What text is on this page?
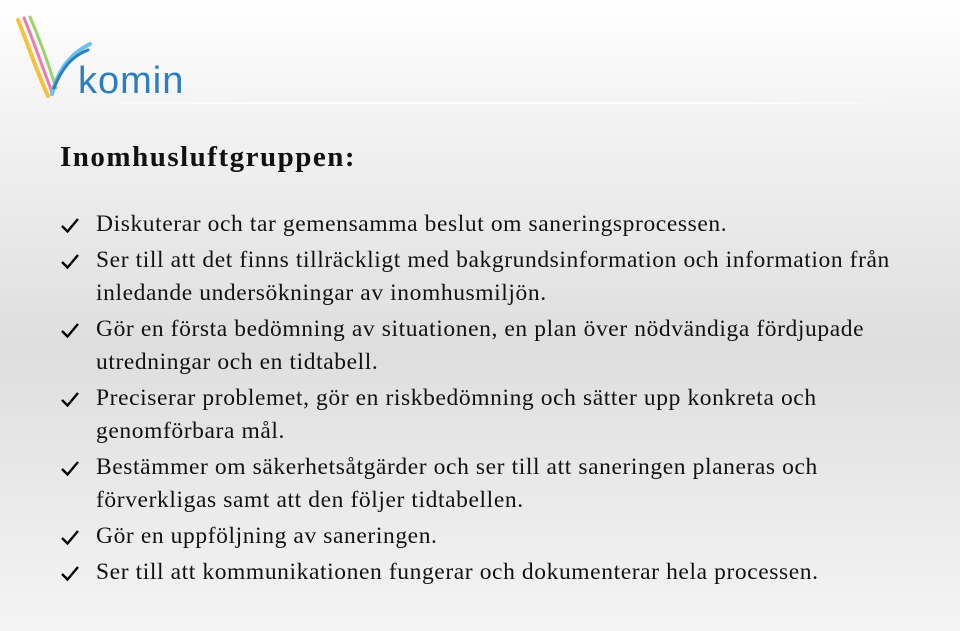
komin
Inomhusluftgruppen:
Diskuterar och tar gemensamma beslut om saneringsprocessen.
Ser till att det finns tillräckligt med bakgrundsinformation och information från inledande undersökningar av inomhusmiljön.
Gör en första bedömning av situationen, en plan över nödvändiga fördjupade utredningar och en tidtabell.
Preciserar problemet, gör en riskbedömning och sätter upp konkreta och genomförbara mål.
Bestämmer om säkerhetsåtgärder och ser till att saneringen planeras och förverkligas samt att den följer tidtabellen.
Gör en uppföljning av saneringen.
Ser till att kommunikationen fungerar och dokumenterar hela processen.
